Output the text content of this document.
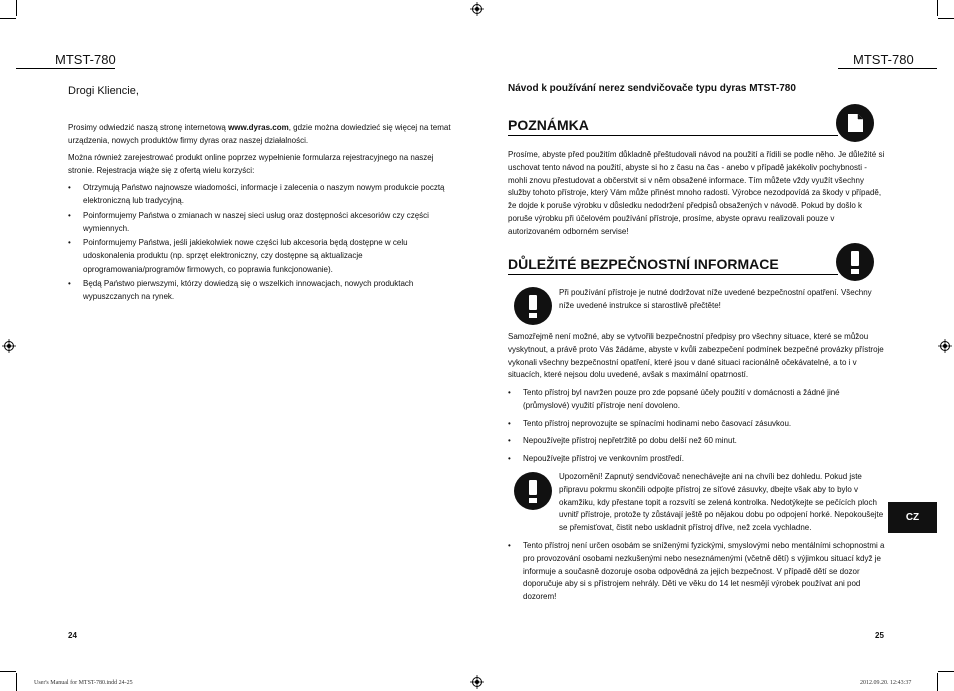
MTST-780
Drogi Kliencie,
Prosimy odwiedzić naszą stronę internetową www.dyras.com, gdzie można dowiedzieć się więcej na temat urządzenia, nowych produktów firmy dyras oraz naszej działalności.
Można również zarejestrować produkt online poprzez wypełnienie formularza rejestracyjnego na naszej stronie. Rejestracja wiąże się z ofertą wielu korzyści:
• Otrzymują Państwo najnowsze wiadomości, informacje i zalecenia o naszym nowym produkcie pocztą elektroniczną lub tradycyjną.
• Poinformujemy Państwa o zmianach w naszej sieci usług oraz dostępności akcesoriów czy części wymiennych.
• Poinformujemy Państwa, jeśli jakiekolwiek nowe części lub akcesoria będą dostępne w celu udoskonalenia produktu (np. sprzęt elektroniczny, czy dostępne są aktualizacje oprogramowania/programów firmowych, co poprawia funkcjonowanie).
• Będą Państwo pierwszymi, którzy dowiedzą się o wszelkich innowacjach, nowych produktach wypuszczanych na rynek.
24
MTST-780
Návod k používání nerez sendvičovače typu dyras MTST-780
POZNÁMKA
Prosíme, abyste před použitím důkladně přeštudovali návod na použití a řídili se podle něho. Je důležité si uschovat tento návod na použití, abyste si ho z času na čas - anebo v případě jakékoliv pochybnosti - mohli znovu přestudovat a občerstvit si v něm obsažené informace. Tím můžete vždy využít všechny služby tohoto přístroje, který Vám může přinést mnoho radosti. Výrobce nezodpovídá za škody v případě, že dojde k poruše výrobku v důsledku nedodržení předpisů obsažených v návodě. Pokud by došlo k poruše výrobku při účelovém používání přístroje, prosíme, abyste opravu realizovali pouze v autorizovaném odborném servise!
DŮLEŽITÉ BEZPEČNOSTNÍ INFORMACE
Při používání přístroje je nutné dodržovat níže uvedené bezpečnostní opatření. Všechny níže uvedené instrukce si starostlivě přečtěte!
Samozřejmě není možné, aby se vytvořili bezpečnostní předpisy pro všechny situace, které se můžou vyskytnout, a právě proto Vás žádáme, abyste v kvůli zabezpečení podmínek bezpečné provázky přístroje vykonali všechny bezpečnostní opatření, které jsou v dané situaci racionálně očekávatelné, a to i v situacích, které nejsou dolu uvedené, avšak s maximální opatrností.
• Tento přístroj byl navržen pouze pro zde popsané účely použití v domácnosti a žádné jiné (průmyslové) využití přístroje není dovoleno.
• Tento přístroj neprovozujte se spínacími hodinami nebo časovací zásuvkou.
• Nepoužívejte přístroj nepřetržitě po dobu delší než 60 minut.
• Nepoužívejte přístroj ve venkovním prostředí.
Upozornění! Zapnutý sendvičovač nenechávejte ani na chvíli bez dohledu. Pokud jste připravu pokrmu skončili odpojte přístroj ze síťové zásuvky, dbejte však aby to bylo v okamžiku, kdy přestane topit a rozsvítí se zelená kontrolka. Nedotýkejte se pečících ploch uvnitř přístroje, protože ty zůstávají ještě po nějakou dobu po odpojení horké. Nepokoušejte se přemisťovat, čistit nebo uskladnit přístroj dříve, než zcela vychladne.
• Tento přístroj není určen osobám se sníženými fyzickými, smyslovými nebo mentálními schopnostmi a pro provozování osobami nezkušenými nebo neseznámenými (včetně dětí) s výjimkou situací když je informuje a současně dozoruje osoba odpovědná za jejich bezpečnost. V případě dětí se dozor doporučuje aby si s přístrojem nehrály. Děti ve věku do 14 let nesmějí výrobek používat ani pod dozorem!
CZ
25
User's Manual for MTST-780.indd 24-25	2012.09.20. 12:43:37
